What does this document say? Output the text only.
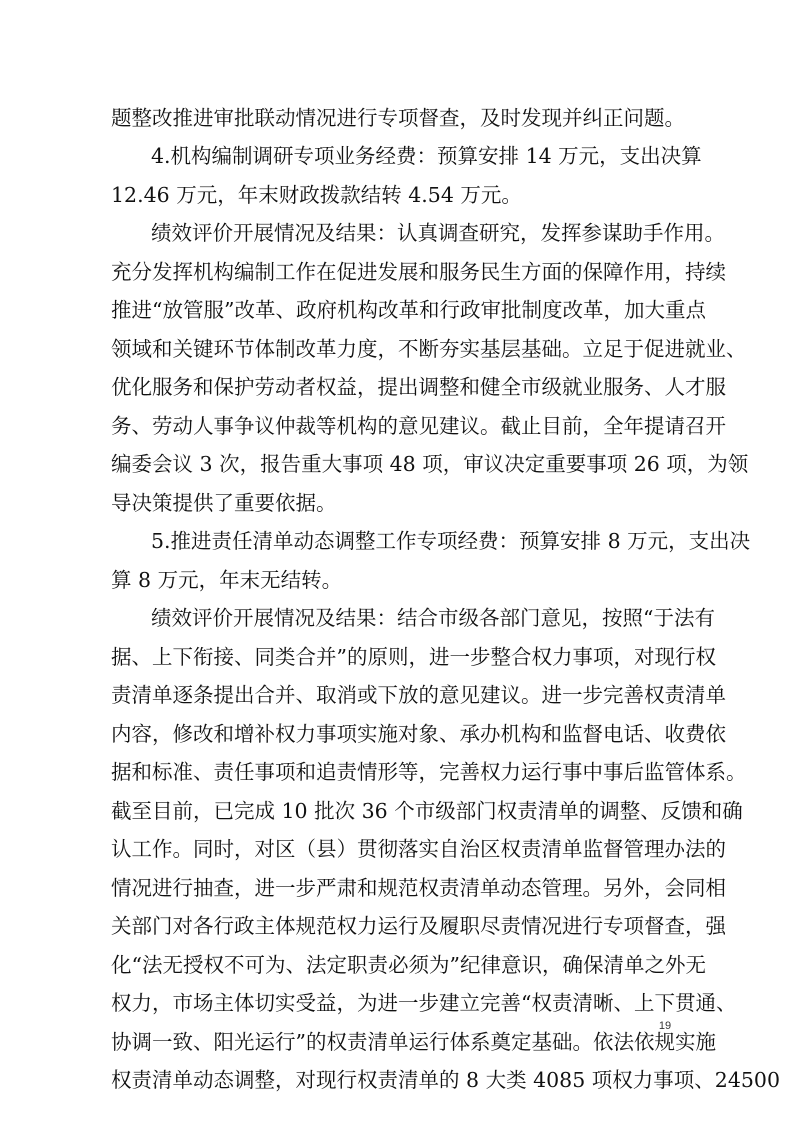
题整改推进审批联动情况进行专项督查，及时发现并纠正问题。
4.机构编制调研专项业务经费：预算安排 14 万元，支出决算
12.46 万元，年末财政拨款结转 4.54 万元。
绩效评价开展情况及结果：认真调查研究，发挥参谋助手作用。
充分发挥机构编制工作在促进发展和服务民生方面的保障作用，持续
推进“放管服”改革、政府机构改革和行政审批制度改革，加大重点
领域和关键环节体制改革力度，不断夯实基层基础。立足于促进就业、
优化服务和保护劳动者权益，提出调整和健全市级就业服务、人才服
务、劳动人事争议仲裁等机构的意见建议。截止目前，全年提请召开
编委会议 3 次，报告重大事项 48 项，审议决定重要事项 26 项，为领
导决策提供了重要依据。
5.推进责任清单动态调整工作专项经费：预算安排 8 万元，支出决
算 8 万元，年末无结转。
绩效评价开展情况及结果：结合市级各部门意见，按照“于法有
据、上下衔接、同类合并”的原则，进一步整合权力事项，对现行权
责清单逐条提出合并、取消或下放的意见建议。进一步完善权责清单
内容，修改和增补权力事项实施对象、承办机构和监督电话、收费依
据和标准、责任事项和追责情形等，完善权力运行事中事后监管体系。
截至目前，已完成 10 批次 36 个市级部门权责清单的调整、反馈和确
认工作。同时，对区（县）贯彻落实自治区权责清单监督管理办法的
情况进行抽查，进一步严肃和规范权责清单动态管理。另外，会同相
关部门对各行政主体规范权力运行及履职尽责情况进行专项督查，强
化“法无授权不可为、法定职责必须为”纪律意识，确保清单之外无
权力，市场主体切实受益，为进一步建立完善“权责清晰、上下贯通、
协调一致、阳光运行”的权责清单运行体系奠定基础。依法依规实施
权责清单动态调整，对现行权责清单的 8 大类 4085 项权力事项、24500
19
